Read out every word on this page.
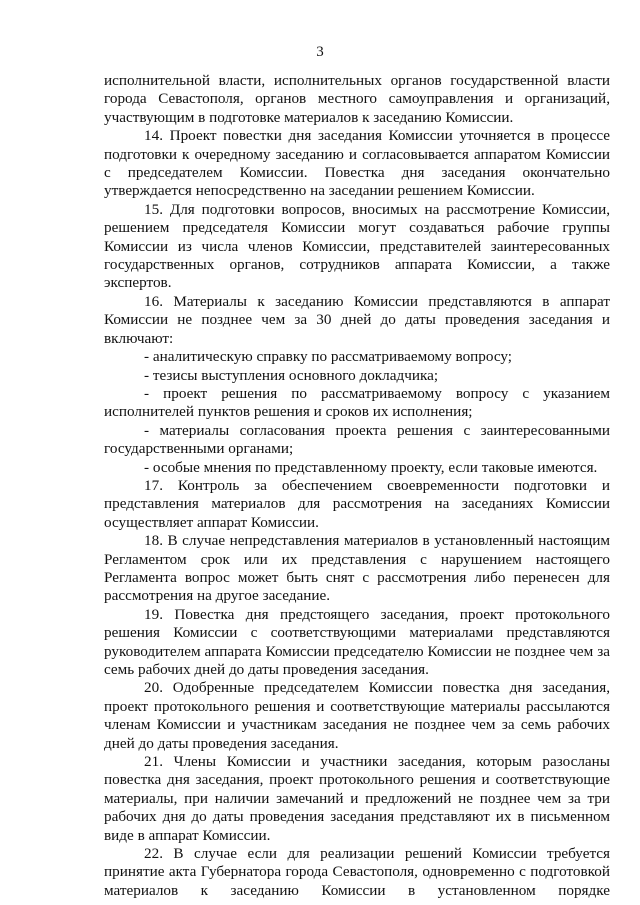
3

исполнительной власти, исполнительных органов государственной власти города Севастополя, органов местного самоуправления и организаций, участвующим в подготовке материалов к заседанию Комиссии.

14. Проект повестки дня заседания Комиссии уточняется в процессе подготовки к очередному заседанию и согласовывается аппаратом Комиссии с председателем Комиссии. Повестка дня заседания окончательно утверждается непосредственно на заседании решением Комиссии.

15. Для подготовки вопросов, вносимых на рассмотрение Комиссии, решением председателя Комиссии могут создаваться рабочие группы Комиссии из числа членов Комиссии, представителей заинтересованных государственных органов, сотрудников аппарата Комиссии, а также экспертов.

16. Материалы к заседанию Комиссии представляются в аппарат Комиссии не позднее чем за 30 дней до даты проведения заседания и включают:

- аналитическую справку по рассматриваемому вопросу;

- тезисы выступления основного докладчика;

- проект решения по рассматриваемому вопросу с указанием исполнителей пунктов решения и сроков их исполнения;

- материалы согласования проекта решения с заинтересованными государственными органами;

- особые мнения по представленному проекту, если таковые имеются.

17. Контроль за обеспечением своевременности подготовки и представления материалов для рассмотрения на заседаниях Комиссии осуществляет аппарат Комиссии.

18. В случае непредставления материалов в установленный настоящим Регламентом срок или их представления с нарушением настоящего Регламента вопрос может быть снят с рассмотрения либо перенесен для рассмотрения на другое заседание.

19. Повестка дня предстоящего заседания, проект протокольного решения Комиссии с соответствующими материалами представляются руководителем аппарата Комиссии председателю Комиссии не позднее чем за семь рабочих дней до даты проведения заседания.

20. Одобренные председателем Комиссии повестка дня заседания, проект протокольного решения и соответствующие материалы рассылаются членам Комиссии и участникам заседания не позднее чем за семь рабочих дней до даты проведения заседания.

21. Члены Комиссии и участники заседания, которым разосланы повестка дня заседания, проект протокольного решения и соответствующие материалы, при наличии замечаний и предложений не позднее чем за три рабочих дня до даты проведения заседания представляют их в письменном виде в аппарат Комиссии.

22. В случае если для реализации решений Комиссии требуется принятие акта Губернатора города Севастополя, одновременно с подготовкой материалов к заседанию Комиссии в установленном порядке
